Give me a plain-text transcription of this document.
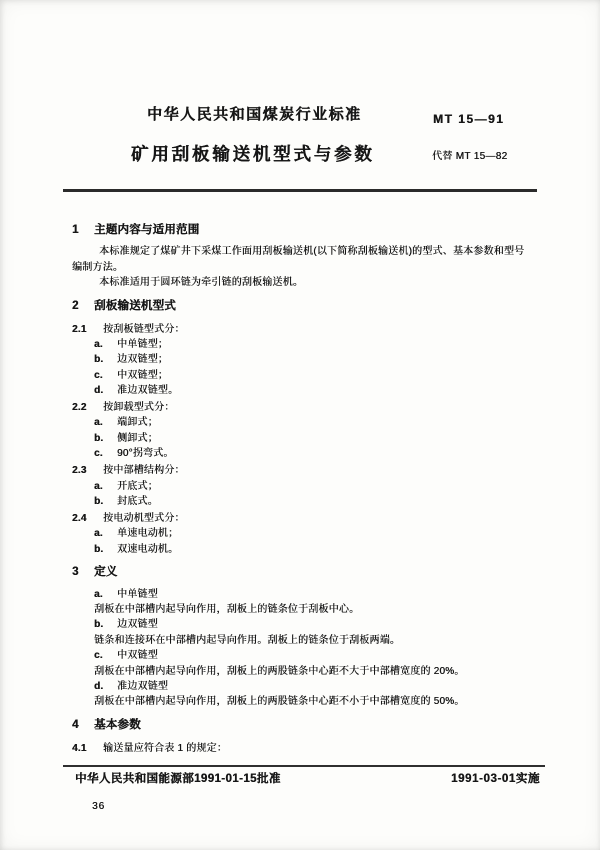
中华人民共和国煤炭行业标准	MT 15—91
矿用刮板输送机型式与参数	代替 MT 15—82
1 主题内容与适用范围
本标准规定了煤矿井下采煤工作面用刮板输送机(以下简称刮板输送机)的型式、基本参数和型号
编制方法。
本标准适用于圆环链为牵引链的刮板输送机。
2 刮板输送机型式
2.1 按刮板链型式分：
a. 中单链型；
b. 边双链型；
c. 中双链型；
d. 准边双链型。
2.2 按卸载型式分：
a. 端卸式；
b. 侧卸式；
c. 90°拐弯式。
2.3 按中部槽结构分：
a. 开底式；
b. 封底式。
2.4 按电动机型式分：
a. 单速电动机；
b. 双速电动机。
3 定义
a. 中单链型
刮板在中部槽内起导向作用，刮板上的链条位于刮板中心。
b. 边双链型
链条和连接环在中部槽内起导向作用。刮板上的链条位于刮板两端。
c. 中双链型
刮板在中部槽内起导向作用，刮板上的两股链条中心距不大于中部槽宽度的 20%。
d. 准边双链型
刮板在中部槽内起导向作用，刮板上的两股链条中心距不小于中部槽宽度的 50%。
4 基本参数
4.1 输送量应符合表 1 的规定：
中华人民共和国能源部1991-01-15批准	1991-03-01实施
36
